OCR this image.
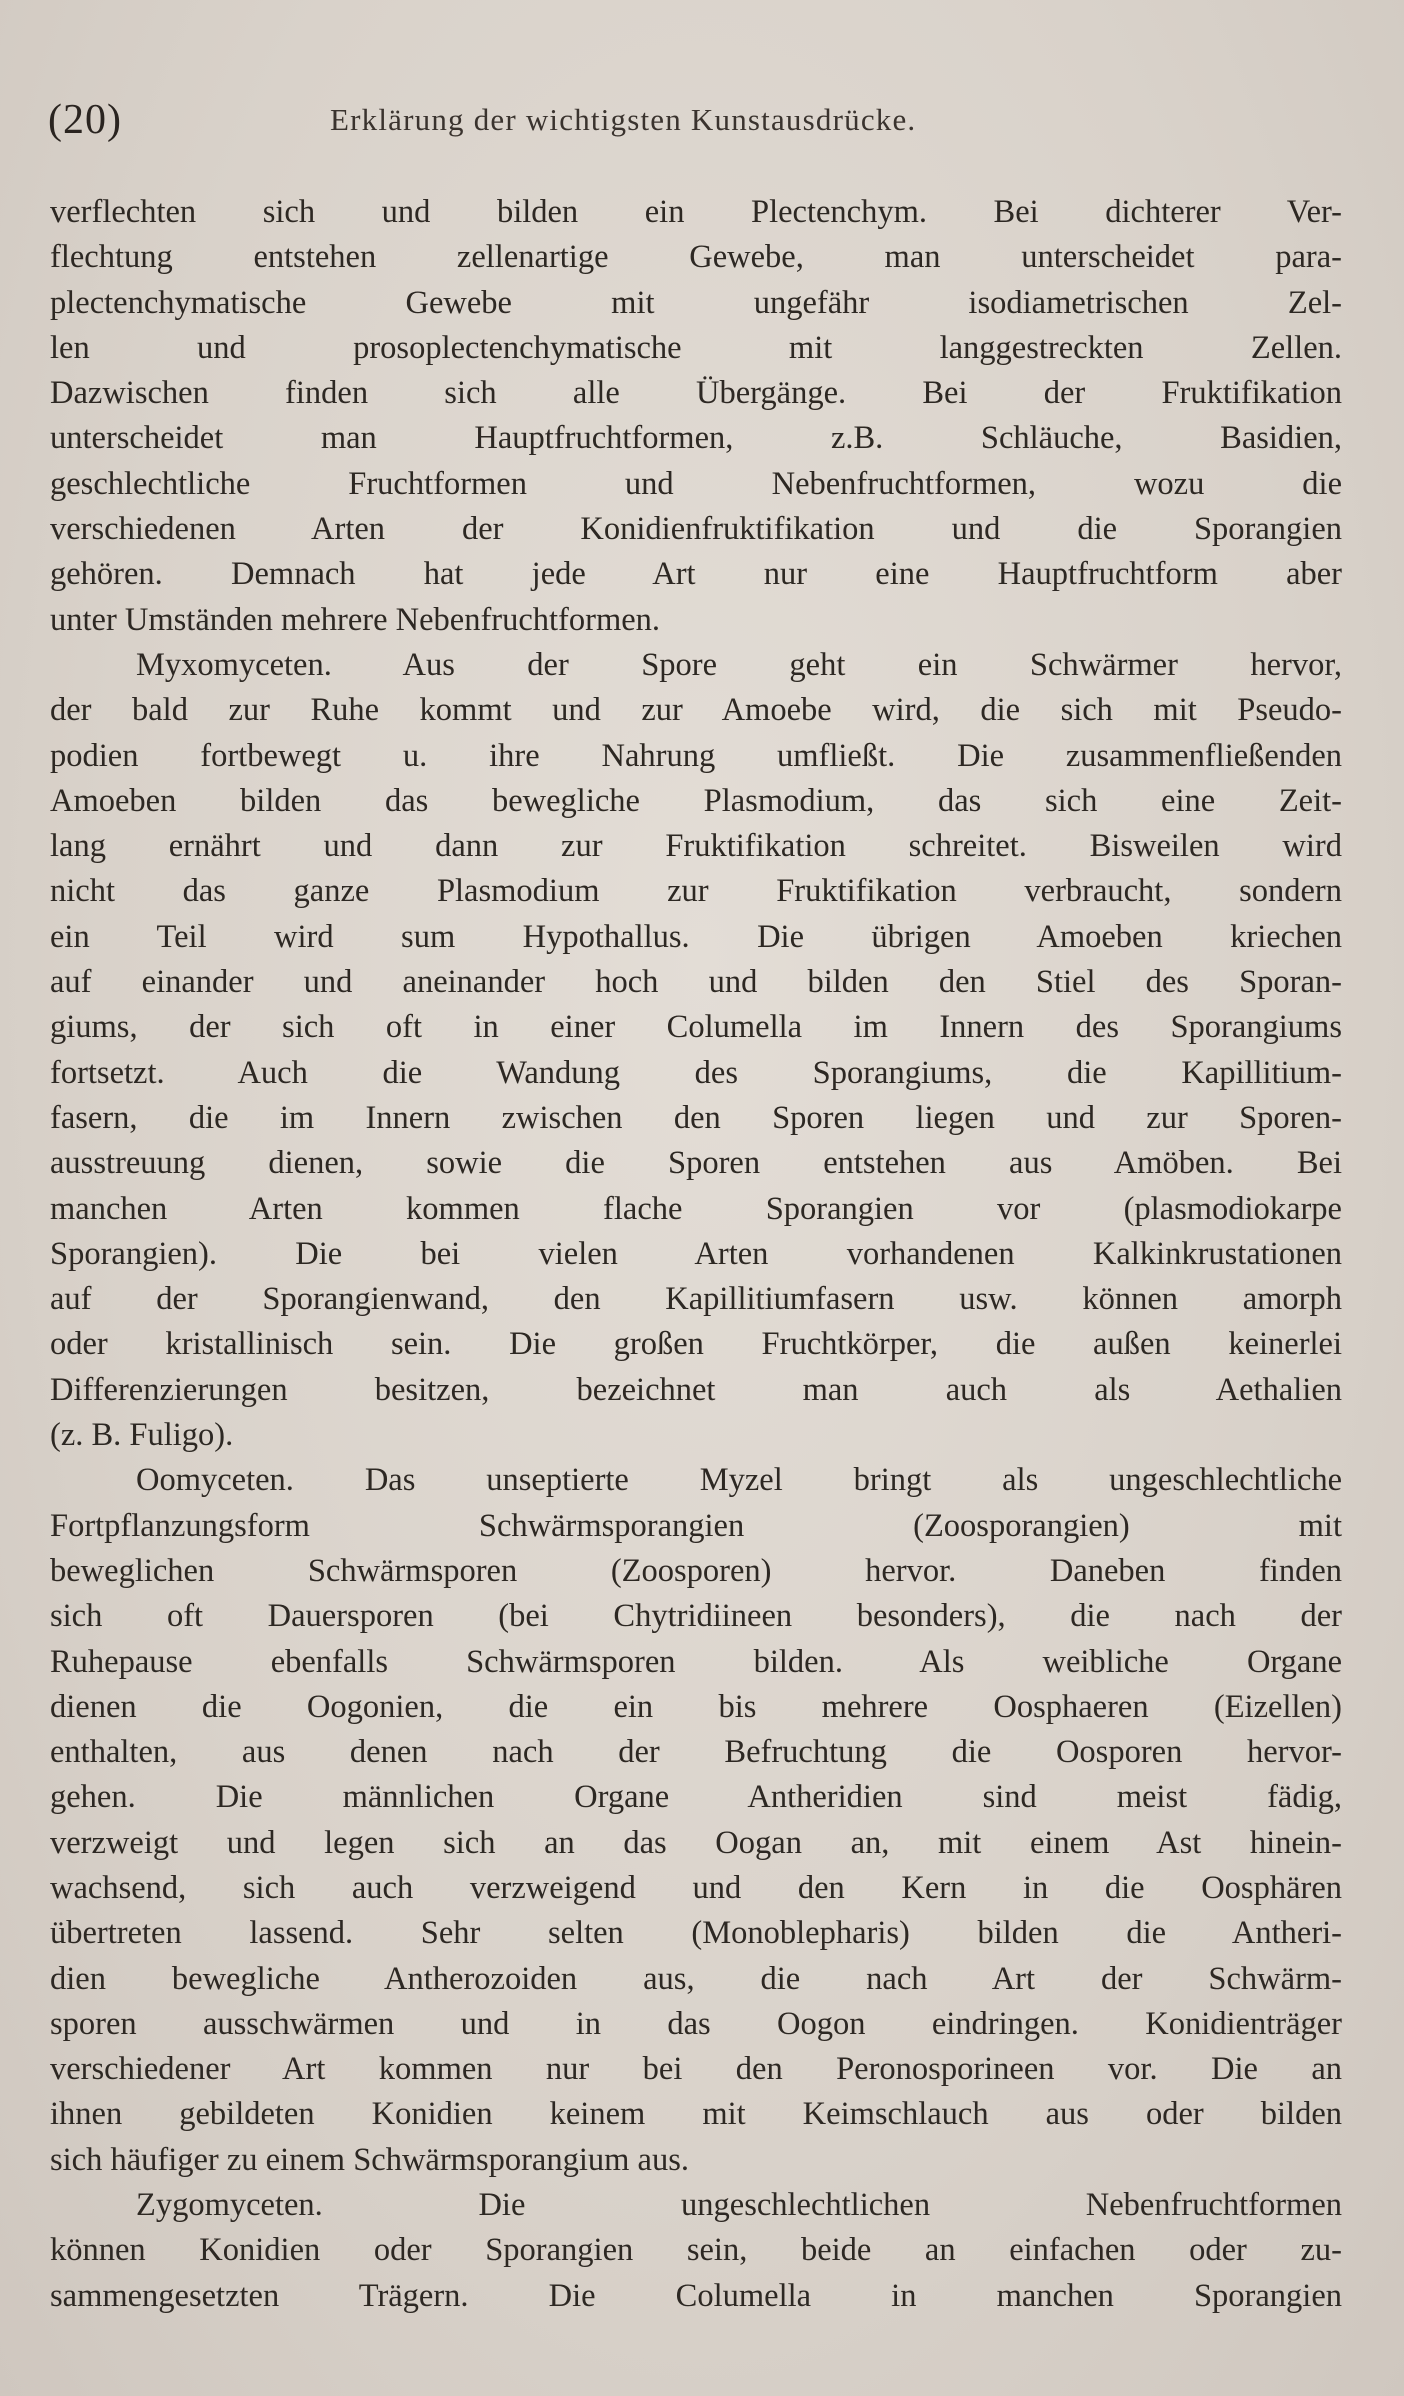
(20)	Erklärung der wichtigsten Kunstausdrücke.
verflechten sich und bilden ein Plectenchym. Bei dichterer Ver-
flechtung entstehen zellenartige Gewebe, man unterscheidet para-
plectenchymatische Gewebe mit ungefähr isodiametrischen Zel-
len und prosoplectenchymatische mit langgestreckten Zellen.
Dazwischen finden sich alle Übergänge. Bei der Fruktifikation
unterscheidet man Hauptfruchtformen, z.B. Schläuche, Basidien,
geschlechtliche Fruchtformen und Nebenfruchtformen, wozu die
verschiedenen Arten der Konidienfruktifikation und die Sporangien
gehören. Demnach hat jede Art nur eine Hauptfruchtform aber
unter Umständen mehrere Nebenfruchtformen.
Myxomyceten. Aus der Spore geht ein Schwärmer hervor,
der bald zur Ruhe kommt und zur Amoebe wird, die sich mit Pseudo-
podien fortbewegt u. ihre Nahrung umfließt. Die zusammenfließenden
Amoeben bilden das bewegliche Plasmodium, das sich eine Zeit-
lang ernährt und dann zur Fruktifikation schreitet. Bisweilen wird
nicht das ganze Plasmodium zur Fruktifikation verbraucht, sondern
ein Teil wird sum Hypothallus. Die übrigen Amoeben kriechen
auf einander und aneinander hoch und bilden den Stiel des Sporan-
giums, der sich oft in einer Columella im Innern des Sporangiums
fortsetzt. Auch die Wandung des Sporangiums, die Kapillitium-
fasern, die im Innern zwischen den Sporen liegen und zur Sporen-
ausstreuung dienen, sowie die Sporen entstehen aus Amöben. Bei
manchen Arten kommen flache Sporangien vor (plasmodiokarpe
Sporangien). Die bei vielen Arten vorhandenen Kalkinkrustationen
auf der Sporangienwand, den Kapillitiumfasern usw. können amorph
oder kristallinisch sein. Die großen Fruchtkörper, die außen keinerlei
Differenzierungen besitzen, bezeichnet man auch als Aethalien
(z. B. Fuligo).
Oomyceten. Das unseptierte Myzel bringt als ungeschlechtliche
Fortpflanzungsform Schwärmsporangien (Zoosporangien) mit
beweglichen Schwärmsporen (Zoosporen) hervor. Daneben finden
sich oft Dauersporen (bei Chytridiineen besonders), die nach der
Ruhepause ebenfalls Schwärmsporen bilden. Als weibliche Organe
dienen die Oogonien, die ein bis mehrere Oosphaeren (Eizellen)
enthalten, aus denen nach der Befruchtung die Oosporen hervor-
gehen. Die männlichen Organe Antheridien sind meist fädig,
verzweigt und legen sich an das Oogan an, mit einem Ast hinein-
wachsend, sich auch verzweigend und den Kern in die Oosphären
übertreten lassend. Sehr selten (Monoblepharis) bilden die Antheri-
dien bewegliche Antherozoiden aus, die nach Art der Schwärm-
sporen ausschwärmen und in das Oogon eindringen. Konidienträger
verschiedener Art kommen nur bei den Peronosporineen vor. Die an
ihnen gebildeten Konidien keinem mit Keimschlauch aus oder bilden
sich häufiger zu einem Schwärmsporangium aus.
Zygomyceten. Die ungeschlechtlichen Nebenfruchtformen
können Konidien oder Sporangien sein, beide an einfachen oder zu-
sammengesetzten Trägern. Die Columella in manchen Sporangien
